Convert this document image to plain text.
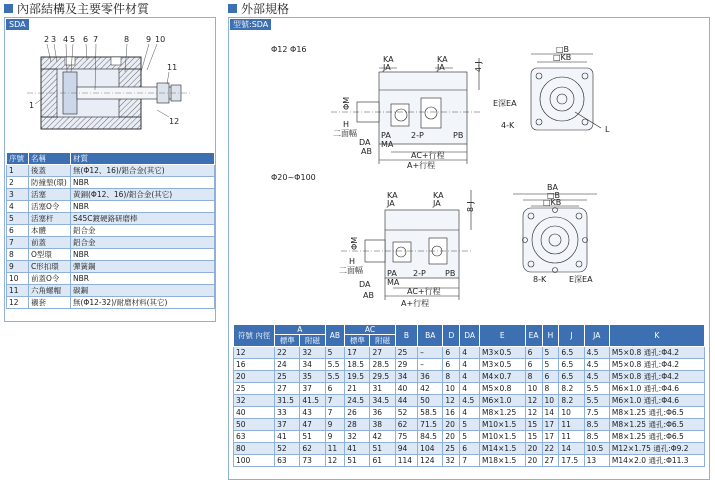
內部結構及主要零件材質	外部規格
SDA
2 3 4 5 6 7	8 9 10
1
11
12
序號	名稱	材質
1	後蓋	無(Φ12、16)/鋁合金(其它)
2	防撞墊(環)	NBR
3	活塞	黃銅(Φ12、16)/鋁合金(其它)
4	活塞O令	NBR
5	活塞杆	S45C鍍硬鉻研磨棒
6	本體	鋁合金
7	前蓋	鋁合金
8	O型環	NBR
9	C形扣環	彈簧鋼
10	前蓋O令	NBR
11	六角螺帽	碳鋼
12	襯套	無(Φ12-32)/耐磨材料(其它)
型號:SDA
Φ12 Φ16
Φ20~Φ100
KA	KA
JA	JA	4-J
ΦM
H
二面幅
DA
AB
PA
MA
2-P	PB
AC+行程
A+行程
□B
□KB
E深EA
4-K	L
KA	KA
JA	JA	8-J
ΦM
H
二面幅
DA
AB
PA
MA
2-P PB
AC+行程
A+行程
BA
□B
□KB
8-K	E深EA
符號 內徑	A		AB	AC		B	BA	D	DA	E	EA	H	J	JA	K
	標準	附磁		標準	附磁										
12	22	32	5	17	27	25	–	6	4	M3×0.5	6	5	6.5	4.5	M5×0.8 通孔:Φ4.2
16	24	34	5.5	18.5	28.5	29	–	6	4	M3×0.5	6	5	6.5	4.5	M5×0.8 通孔:Φ4.2
20	25	35	5.5	19.5	29.5	34	36	8	4	M4×0.7	8	6	6.5	4.5	M5×0.8 通孔:Φ4.2
25	27	37	6	21	31	40	42	10	4	M5×0.8	10	8	8.2	5.5	M6×1.0 通孔:Φ4.6
32	31.5	41.5	7	24.5	34.5	44	50	12	4.5	M6×1.0	12	10	8.2	5.5	M6×1.0 通孔:Φ4.6
40	33	43	7	26	36	52	58.5	16	4	M8×1.25	12	14	10	7.5	M8×1.25 通孔:Φ6.5
50	37	47	9	28	38	62	71.5	20	5	M10×1.5	15	17	11	8.5	M8×1.25 通孔:Φ6.5
63	41	51	9	32	42	75	84.5	20	5	M10×1.5	15	17	11	8.5	M8×1.25 通孔:Φ6.5
80	52	62	11	41	51	94	104	25	6	M14×1.5	20	22	14	10.5	M12×1.75 通孔:Φ9.2
100	63	73	12	51	61	114	124	32	7	M18×1.5	20	27	17.5	13	M14×2.0 通孔:Φ11.3
